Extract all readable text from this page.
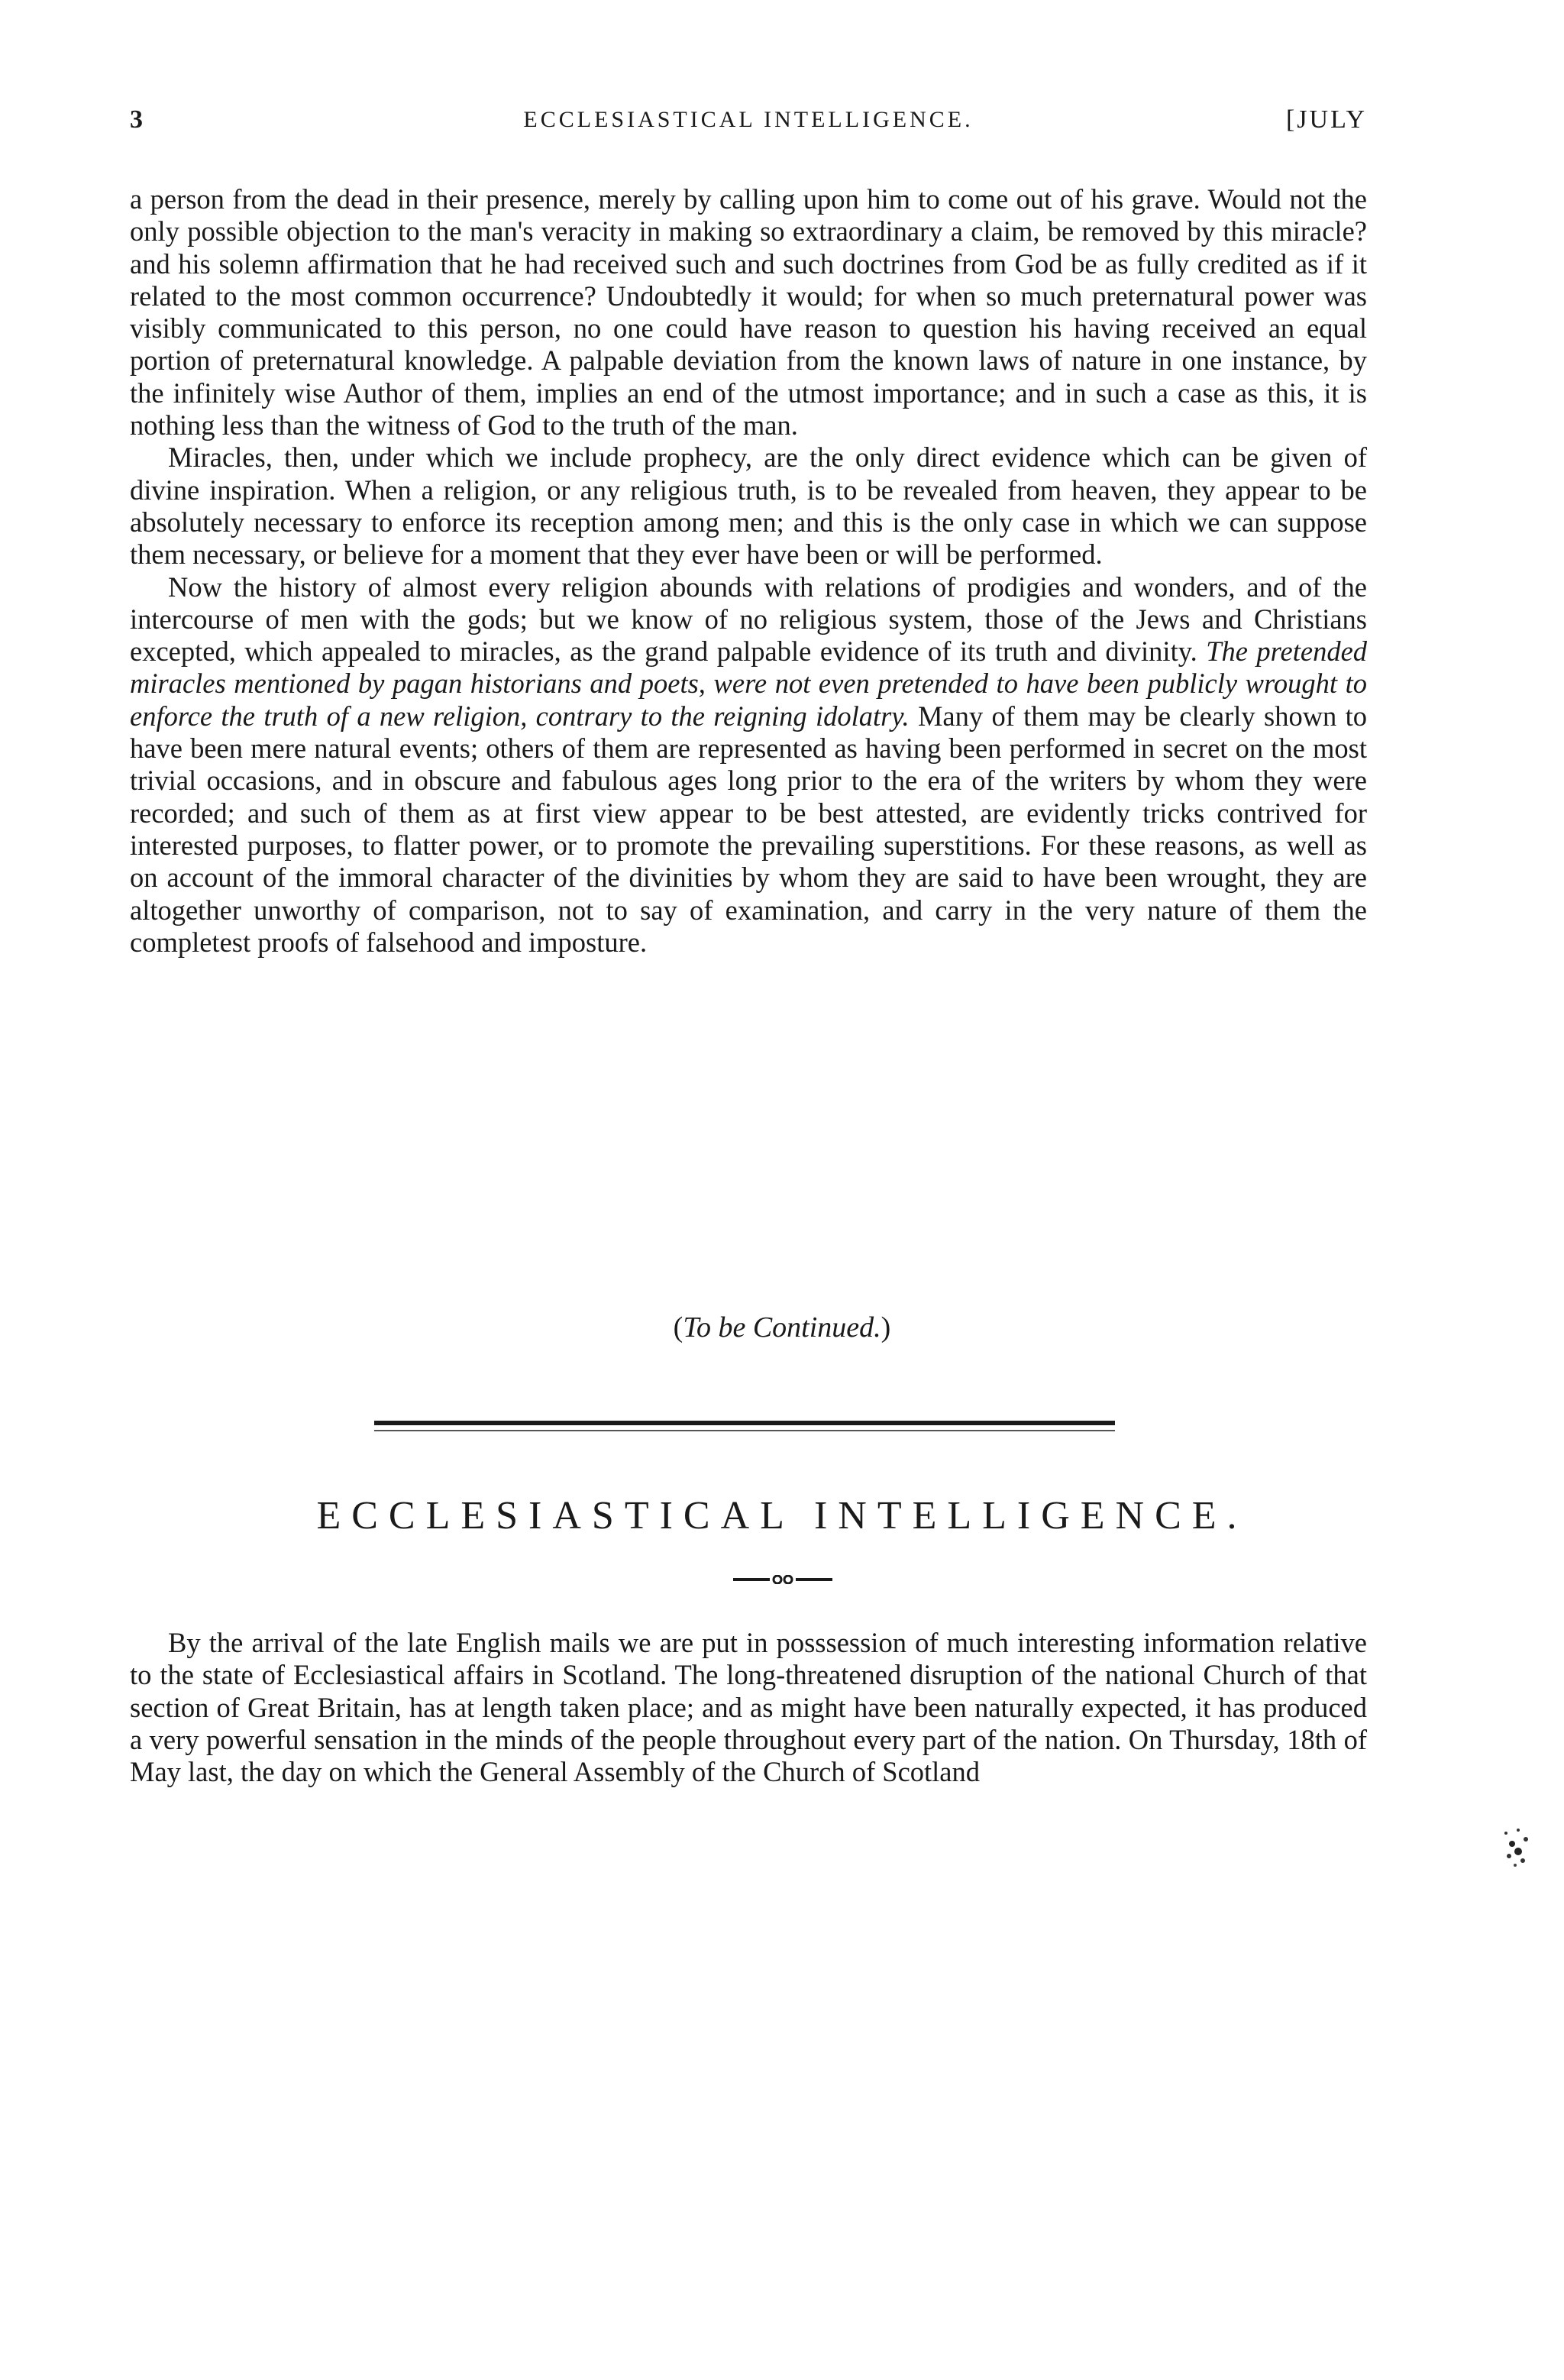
3	ECCLESIASTICAL INTELLIGENCE.	[JULY

a person from the dead in their presence, merely by calling upon him to come out of his grave. Would not the only possible objection to the man's veracity in making so extraordinary a claim, be removed by this miracle? and his solemn affirmation that he had received such and such doctrines from God be as fully credited as if it related to the most common occurrence? Undoubtedly it would; for when so much preternatural power was visibly communicated to this person, no one could have reason to question his having received an equal portion of preternatural knowledge. A palpable deviation from the known laws of nature in one instance, by the infinitely wise Author of them, implies an end of the utmost importance; and in such a case as this, it is nothing less than the witness of God to the truth of the man.

Miracles, then, under which we include prophecy, are the only direct evidence which can be given of divine inspiration. When a religion, or any religious truth, is to be revealed from heaven, they appear to be absolutely necessary to enforce its reception among men; and this is the only case in which we can suppose them necessary, or believe for a moment that they ever have been or will be performed.

Now the history of almost every religion abounds with relations of prodigies and wonders, and of the intercourse of men with the gods; but we know of no religious system, those of the Jews and Christians excepted, which appealed to miracles, as the grand palpable evidence of its truth and divinity. The pretended miracles mentioned by pagan historians and poets, were not even pretended to have been publicly wrought to enforce the truth of a new religion, contrary to the reigning idolatry. Many of them may be clearly shown to have been mere natural events; others of them are represented as having been performed in secret on the most trivial occasions, and in obscure and fabulous ages long prior to the era of the writers by whom they were recorded; and such of them as at first view appear to be best attested, are evidently tricks contrived for interested purposes, to flatter power, or to promote the prevailing superstitions. For these reasons, as well as on account of the immoral character of the divinities by whom they are said to have been wrought, they are altogether unworthy of comparison, not to say of examination, and carry in the very nature of them the completest proofs of falsehood and imposture.

(To be Continued.)
ECCLESIASTICAL INTELLIGENCE.

By the arrival of the late English mails we are put in posssession of much interesting information relative to the state of Ecclesiastical affairs in Scotland. The long-threatened disruption of the national Church of that section of Great Britain, has at length taken place; and as might have been naturally expected, it has produced a very powerful sensation in the minds of the people throughout every part of the nation. On Thursday, 18th of May last, the day on which the General Assembly of the Church of Scotland
